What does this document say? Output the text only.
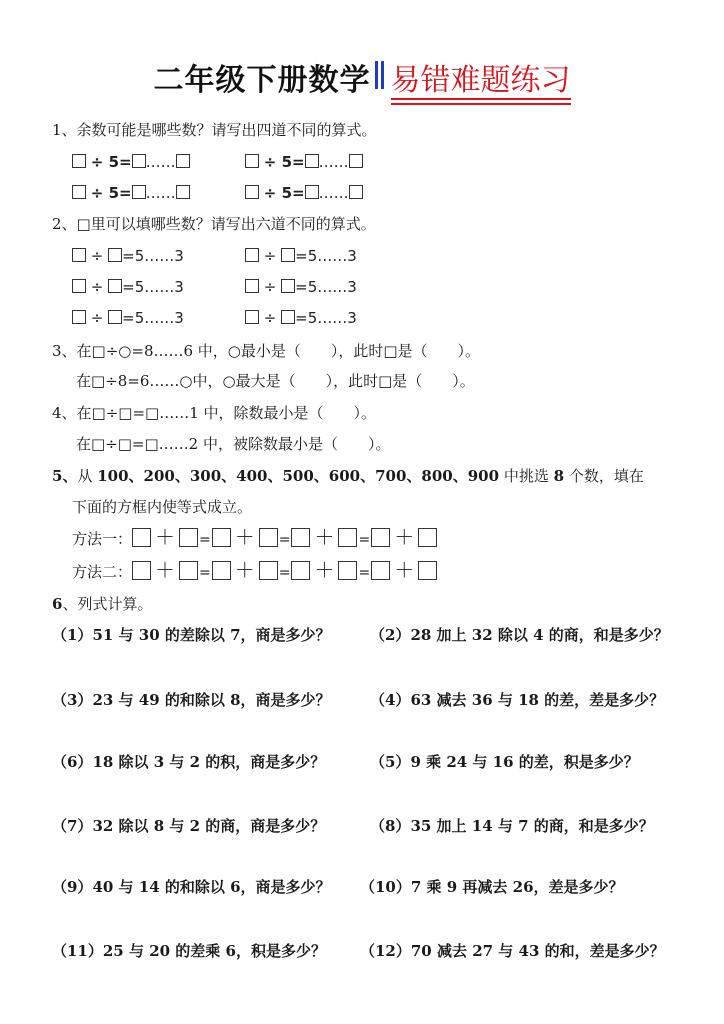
二年级下册数学 易错难题练习
1、余数可能是哪些数？请写出四道不同的算式。
÷ 5= ……	÷ 5= ……
÷ 5= ……	÷ 5= ……
2、□里可以填哪些数？请写出六道不同的算式。
÷ =5……3	÷ =5……3
÷ =5……3	÷ =5……3
÷ =5……3	÷ =5……3
3、在□÷○=8……6 中，○最小是（　　），此时□是（　　）。
在□÷8=6……○中，○最大是（　　），此时□是（　　）。
4、在□÷□=□……1 中，除数最小是（　　）。
在□÷□=□……2 中，被除数最小是（　　）。
5、从 100、200、300、400、500、600、700、800、900 中挑选 8 个数，填在
下面的方框内使等式成立。
方法一： ＋ = ＋ = ＋ = ＋
方法二： ＋ = ＋ = ＋ = ＋
6、列式计算。
（1）51 与 30 的差除以 7，商是多少？	（2）28 加上 32 除以 4 的商，和是多少？
（3）23 与 49 的和除以 8，商是多少？	（4）63 减去 36 与 18 的差，差是多少？
（6）18 除以 3 与 2 的积，商是多少？	（5）9 乘 24 与 16 的差，积是多少？
（7）32 除以 8 与 2 的商，商是多少？	（8）35 加上 14 与 7 的商，和是多少？
（9）40 与 14 的和除以 6，商是多少？ （10）7 乘 9 再减去 26，差是多少？
（11）25 与 20 的差乘 6，积是多少？ （12）70 减去 27 与 43 的和，差是多少？
